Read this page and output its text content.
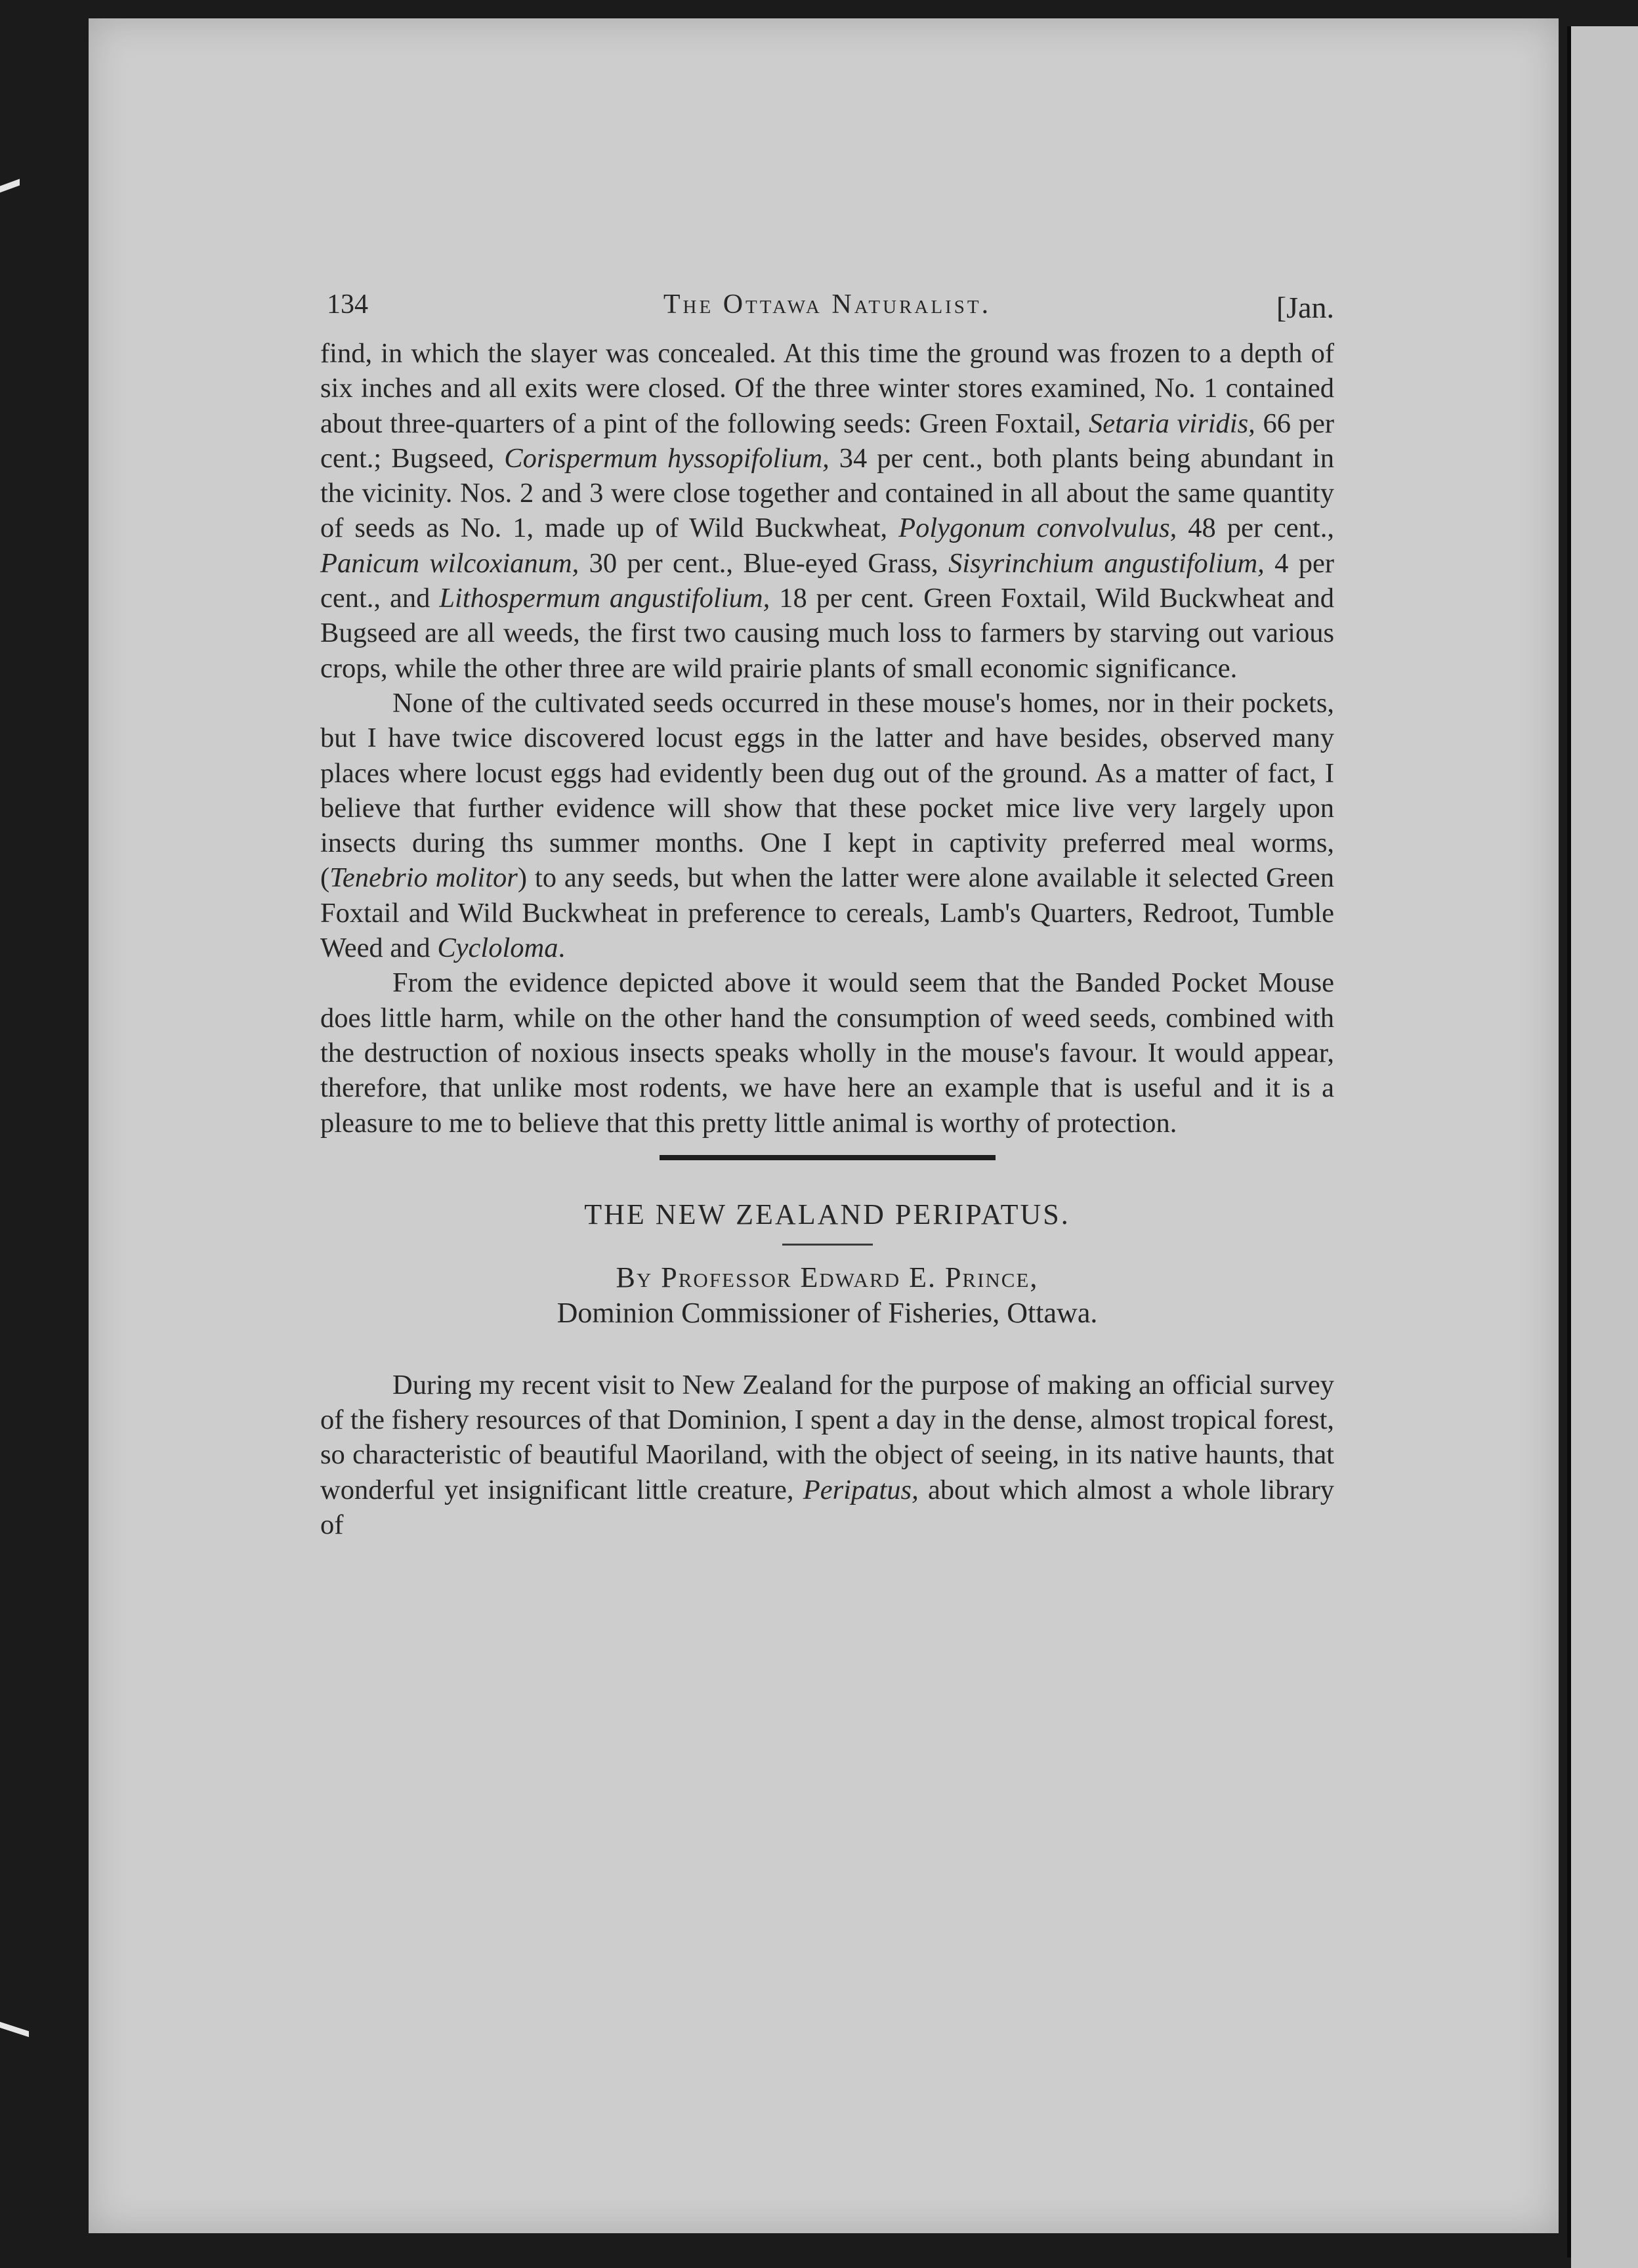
134	The Ottawa Naturalist.	[Jan.

find, in which the slayer was concealed. At this time the ground was frozen to a depth of six inches and all exits were closed. Of the three winter stores examined, No. 1 contained about three-quarters of a pint of the following seeds: Green Foxtail, Setaria viridis, 66 per cent.; Bugseed, Corispermum hyssopifolium, 34 per cent., both plants being abundant in the vicinity. Nos. 2 and 3 were close together and contained in all about the same quantity of seeds as No. 1, made up of Wild Buckwheat, Polygonum convolvulus, 48 per cent., Panicum wilcoxianum, 30 per cent., Blue-eyed Grass, Sisyrinchium angustifolium, 4 per cent., and Lithospermum angustifolium, 18 per cent. Green Foxtail, Wild Buckwheat and Bugseed are all weeds, the first two causing much loss to farmers by starving out various crops, while the other three are wild prairie plants of small economic significance.

None of the cultivated seeds occurred in these mouse's homes, nor in their pockets, but I have twice discovered locust eggs in the latter and have besides, observed many places where locust eggs had evidently been dug out of the ground. As a matter of fact, I believe that further evidence will show that these pocket mice live very largely upon insects during ths summer months. One I kept in captivity preferred meal worms, (Tenebrio molitor) to any seeds, but when the latter were alone available it selected Green Foxtail and Wild Buckwheat in preference to cereals, Lamb's Quarters, Redroot, Tumble Weed and Cycloloma.

From the evidence depicted above it would seem that the Banded Pocket Mouse does little harm, while on the other hand the consumption of weed seeds, combined with the destruction of noxious insects speaks wholly in the mouse's favour. It would appear, therefore, that unlike most rodents, we have here an example that is useful and it is a pleasure to me to believe that this pretty little animal is worthy of protection.

THE NEW ZEALAND PERIPATUS.

By Professor Edward E. Prince,

Dominion Commissioner of Fisheries, Ottawa.

During my recent visit to New Zealand for the purpose of making an official survey of the fishery resources of that Dominion, I spent a day in the dense, almost tropical forest, so characteristic of beautiful Maoriland, with the object of seeing, in its native haunts, that wonderful yet insignificant little creature, Peripatus, about which almost a whole library of
